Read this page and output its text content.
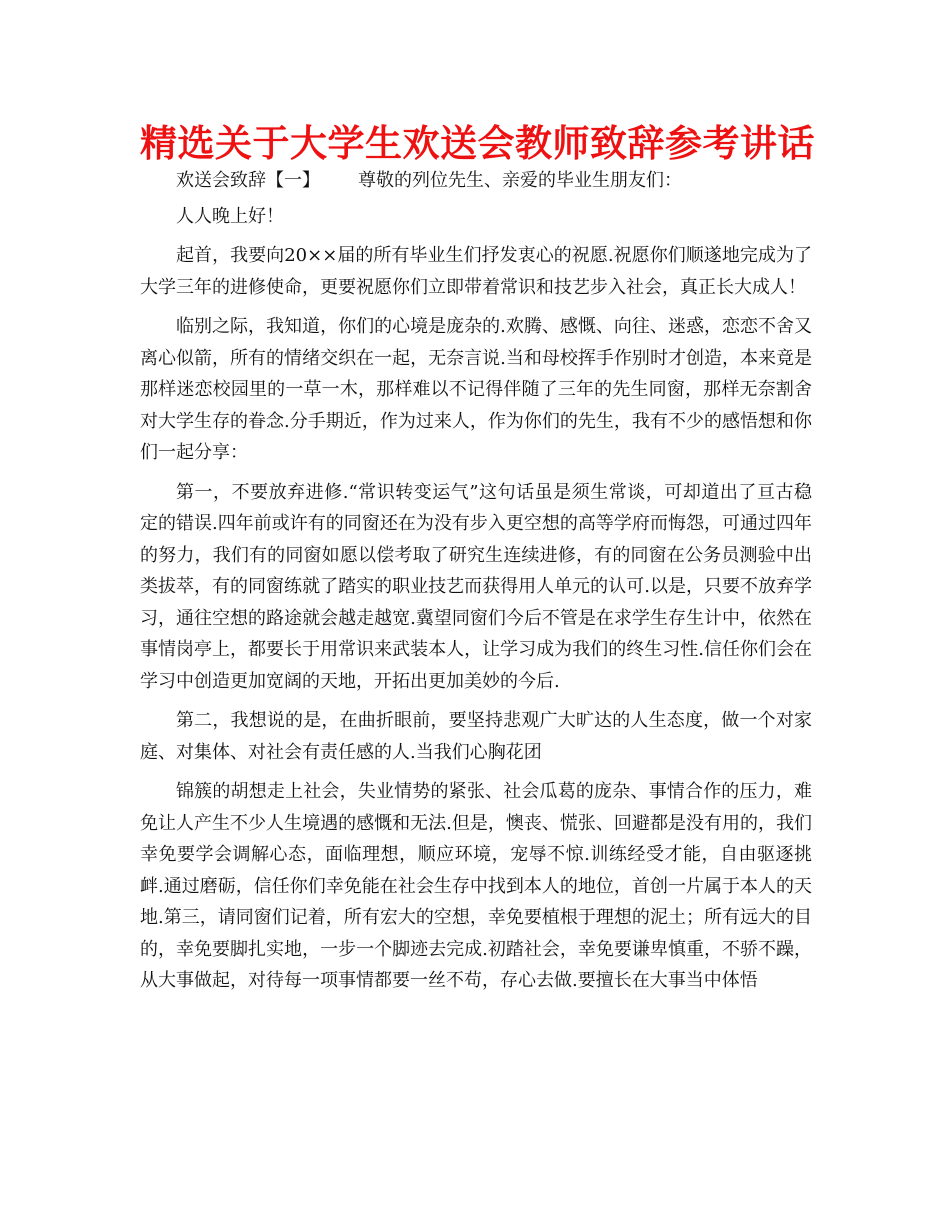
精选关于大学生欢送会教师致辞参考讲话

欢送会致辞【一】 尊敬的列位先生、亲爱的毕业生朋友们：

人人晚上好！

起首，我要向20××届的所有毕业生们抒发衷心的祝愿.祝愿你们顺遂地完成为了大学三年的进修使命，更要祝愿你们立即带着常识和技艺步入社会，真正长大成人！

临别之际，我知道，你们的心境是庞杂的.欢腾、感慨、向往、迷惑，恋恋不舍又离心似箭，所有的情绪交织在一起，无奈言说.当和母校挥手作别时才创造，本来竟是那样迷恋校园里的一草一木，那样难以不记得伴随了三年的先生同窗，那样无奈割舍对大学生存的眷念.分手期近，作为过来人，作为你们的先生，我有不少的感悟想和你们一起分享：

第一，不要放弃进修.“常识转变运气”这句话虽是须生常谈，可却道出了亘古稳定的错误.四年前或许有的同窗还在为没有步入更空想的高等学府而悔怨，可通过四年的努力，我们有的同窗如愿以偿考取了研究生连续进修，有的同窗在公务员测验中出类拔萃，有的同窗练就了踏实的职业技艺而获得用人单元的认可.以是，只要不放弃学习，通往空想的路途就会越走越宽.冀望同窗们今后不管是在求学生存生计中，依然在事情岗亭上，都要长于用常识来武装本人，让学习成为我们的终生习性.信任你们会在学习中创造更加宽阔的天地，开拓出更加美妙的今后.

第二，我想说的是，在曲折眼前，要坚持悲观广大旷达的人生态度，做一个对家庭、对集体、对社会有责任感的人.当我们心胸花团

锦簇的胡想走上社会，失业情势的紧张、社会瓜葛的庞杂、事情合作的压力，难免让人产生不少人生境遇的感慨和无法.但是，懊丧、慌张、回避都是没有用的，我们幸免要学会调解心态，面临理想，顺应环境，宠辱不惊.训练经受才能，自由驱逐挑衅.通过磨砺，信任你们幸免能在社会生存中找到本人的地位，首创一片属于本人的天地.第三，请同窗们记着，所有宏大的空想，幸免要植根于理想的泥土；所有远大的目的，幸免要脚扎实地，一步一个脚迹去完成.初踏社会，幸免要谦卑慎重，不骄不躁，从大事做起，对待每一项事情都要一丝不苟，存心去做.要擅长在大事当中体悟
